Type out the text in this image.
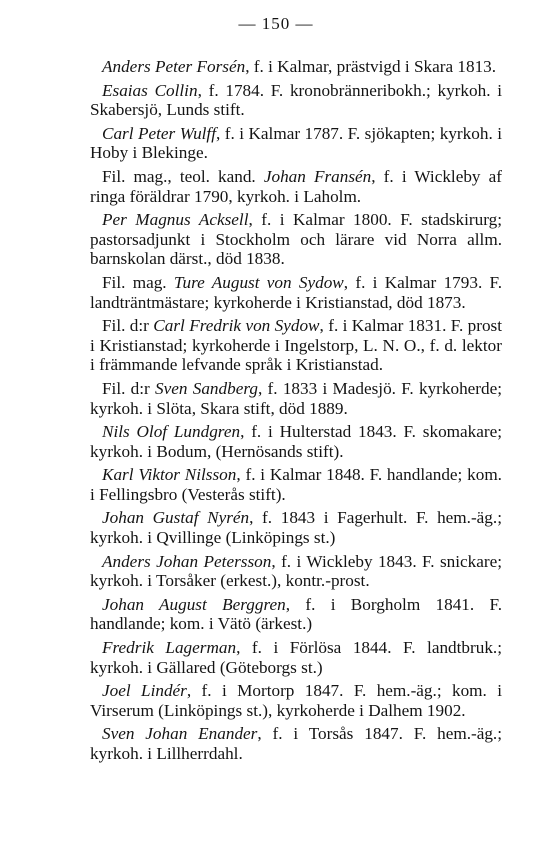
— 150 —

Anders Peter Forsén, f. i Kalmar, prästvigd i Skara 1813.

Esaias Collin, f. 1784. F. kronobränneribokh.; kyrkoh. i Skabersjö, Lunds stift.

Carl Peter Wulff, f. i Kalmar 1787. F. sjökapten; kyrkoh. i Hoby i Blekinge.

Fil. mag., teol. kand. Johan Fransén, f. i Wickleby af ringa föräldrar 1790, kyrkoh. i Laholm.

Per Magnus Acksell, f. i Kalmar 1800. F. stadskirurg; pastorsadjunkt i Stockholm och lärare vid Norra allm. barnskolan därst., död 1838.

Fil. mag. Ture August von Sydow, f. i Kalmar 1793. F. landträntmästare; kyrkoherde i Kristianstad, död 1873.

Fil. d:r Carl Fredrik von Sydow, f. i Kalmar 1831. F. prost i Kristianstad; kyrkoherde i Ingelstorp, L. N. O., f. d. lektor i främmande lefvande språk i Kristianstad.

Fil. d:r Sven Sandberg, f. 1833 i Madesjö. F. kyrkoherde; kyrkoh. i Slöta, Skara stift, död 1889.

Nils Olof Lundgren, f. i Hulterstad 1843. F. skomakare; kyrkoh. i Bodum, (Hernösands stift).

Karl Viktor Nilsson, f. i Kalmar 1848. F. handlande; kom. i Fellingsbro (Vesterås stift).

Johan Gustaf Nyrén, f. 1843 i Fagerhult. F. hem.-äg.; kyrkoh. i Qvillinge (Linköpings st.)

Anders Johan Petersson, f. i Wickleby 1843. F. snickare; kyrkoh. i Torsåker (erkest.), kontr.-prost.

Johan August Berggren, f. i Borgholm 1841. F. handlande; kom. i Vätö (ärkest.)

Fredrik Lagerman, f. i Förlösa 1844. F. landtbruk.; kyrkoh. i Gällared (Göteborgs st.)

Joel Lindér, f. i Mortorp 1847. F. hem.-äg.; kom. i Virserum (Linköpings st.), kyrkoherde i Dalhem 1902.

Sven Johan Enander, f. i Torsås 1847. F. hem.-äg.; kyrkoh. i Lillherrdahl.
